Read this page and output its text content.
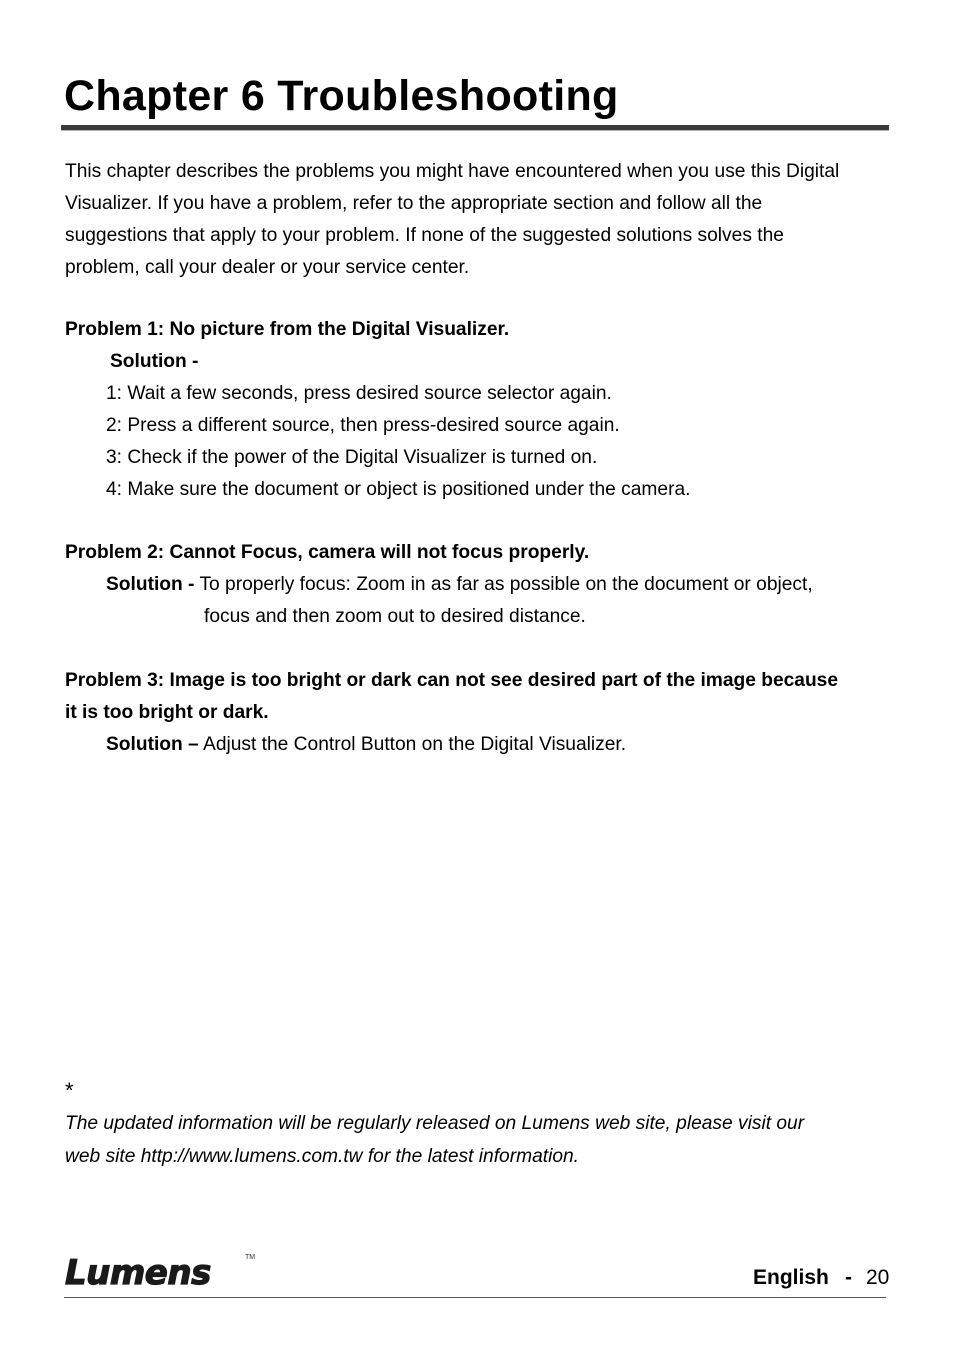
Chapter 6 Troubleshooting

This chapter describes the problems you might have encountered when you use this Digital
Visualizer. If you have a problem, refer to the appropriate section and follow all the
suggestions that apply to your problem. If none of the suggested solutions solves the
problem, call your dealer or your service center.

Problem 1: No picture from the Digital Visualizer.
Solution -
1: Wait a few seconds, press desired source selector again.
2: Press a different source, then press-desired source again.
3: Check if the power of the Digital Visualizer is turned on.
4: Make sure the document or object is positioned under the camera.
Problem 2: Cannot Focus, camera will not focus properly.
Solution - To properly focus: Zoom in as far as possible on the document or object,
focus and then zoom out to desired distance.
Problem 3: Image is too bright or dark can not see desired part of the image because
it is too bright or dark.
Solution – Adjust the Control Button on the Digital Visualizer.

*
The updated information will be regularly released on Lumens web site, please visit our
web site http://www.lumens.com.tw for the latest information.

Lumens	TM
English - 20
